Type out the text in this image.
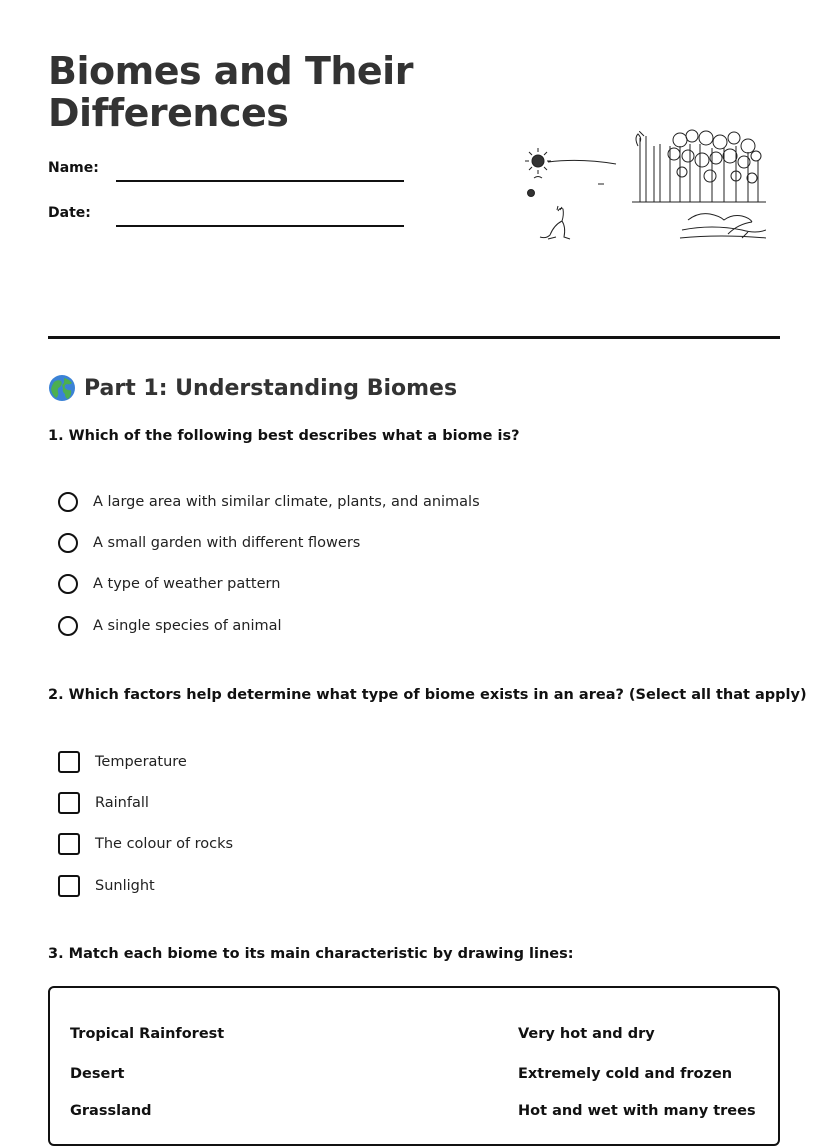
Biomes and Their Differences
Name:
Date:
Part 1: Understanding Biomes
1. Which of the following best describes what a biome is?
A large area with similar climate, plants, and animals
A small garden with different flowers
A type of weather pattern
A single species of animal
2. Which factors help determine what type of biome exists in an area? (Select all that apply)
Temperature
Rainfall
The colour of rocks
Sunlight
3. Match each biome to its main characteristic by drawing lines:
Tropical Rainforest	Very hot and dry
Desert	Extremely cold and frozen
Grassland	Hot and wet with many trees
